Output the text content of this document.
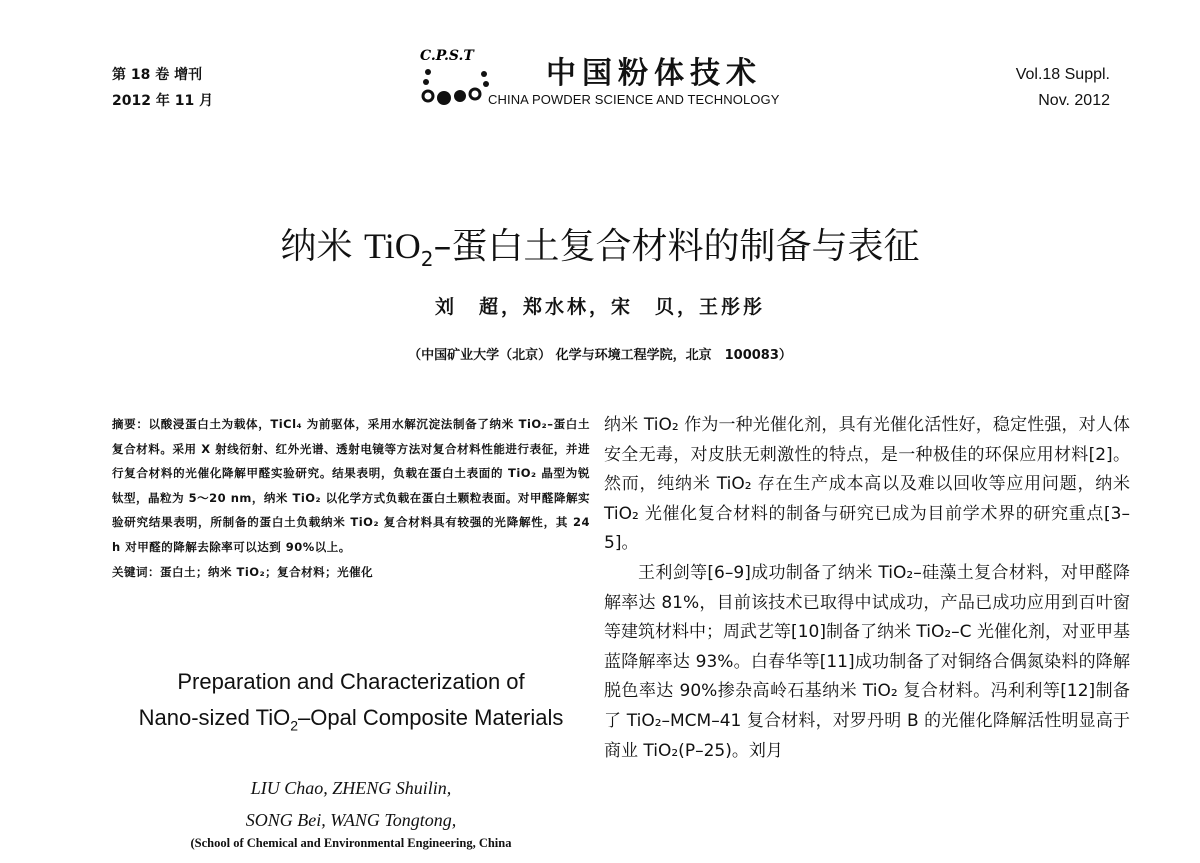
第 18 卷 增刊
2012 年 11 月
C.P.S.T 中国粉体技术
CHINA POWDER SCIENCE AND TECHNOLOGY
Vol.18 Suppl.
Nov. 2012
纳米 TiO$_2$–蛋白土复合材料的制备与表征
刘　超，郑水林，宋　贝，王彤彤
（中国矿业大学（北京） 化学与环境工程学院，北京　100083）

摘要：以酸浸蛋白土为载体，TiCl₄ 为前驱体，采用水解沉淀法制备了纳米 TiO₂–蛋白土复合材料。采用 X 射线衍射、红外光谱、透射电镜等方法对复合材料性能进行表征，并进行复合材料的光催化降解甲醛实验研究。结果表明，负载在蛋白土表面的 TiO₂ 晶型为锐钛型，晶粒为 5～20 nm，纳米 TiO₂ 以化学方式负载在蛋白土颗粒表面。对甲醛降解实验研究结果表明，所制备的蛋白土负载纳米 TiO₂ 复合材料具有较强的光降解性，其 24 h 对甲醛的降解去除率可以达到 90%以上。

关键词：蛋白土；纳米 TiO₂；复合材料；光催化

Preparation and Characterization of
Nano-sized TiO$_2$–Opal Composite Materials
LIU Chao, ZHENG Shuilin,
SONG Bei, WANG Tongtong,
(School of Chemical and Environmental Engineering, China

纳米 TiO₂ 作为一种光催化剂，具有光催化活性好，稳定性强，对人体安全无毒，对皮肤无刺激性的特点，是一种极佳的环保应用材料[2]。然而，纯纳米 TiO₂ 存在生产成本高以及难以回收等应用问题，纳米 TiO₂ 光催化复合材料的制备与研究已成为目前学术界的研究重点[3–5]。

王利剑等[6–9]成功制备了纳米 TiO₂–硅藻土复合材料，对甲醛降解率达 81%，目前该技术已取得中试成功，产品已成功应用到百叶窗等建筑材料中；周武艺等[10]制备了纳米 TiO₂–C 光催化剂，对亚甲基蓝降解率达 93%。白春华等[11]成功制备了对铜络合偶氮染料的降解脱色率达 90%掺杂高岭石基纳米 TiO₂ 复合材料。冯利利等[12]制备了 TiO₂–MCM–41 复合材料，对罗丹明 B 的光催化降解活性明显高于商业 TiO₂(P–25)。刘月
